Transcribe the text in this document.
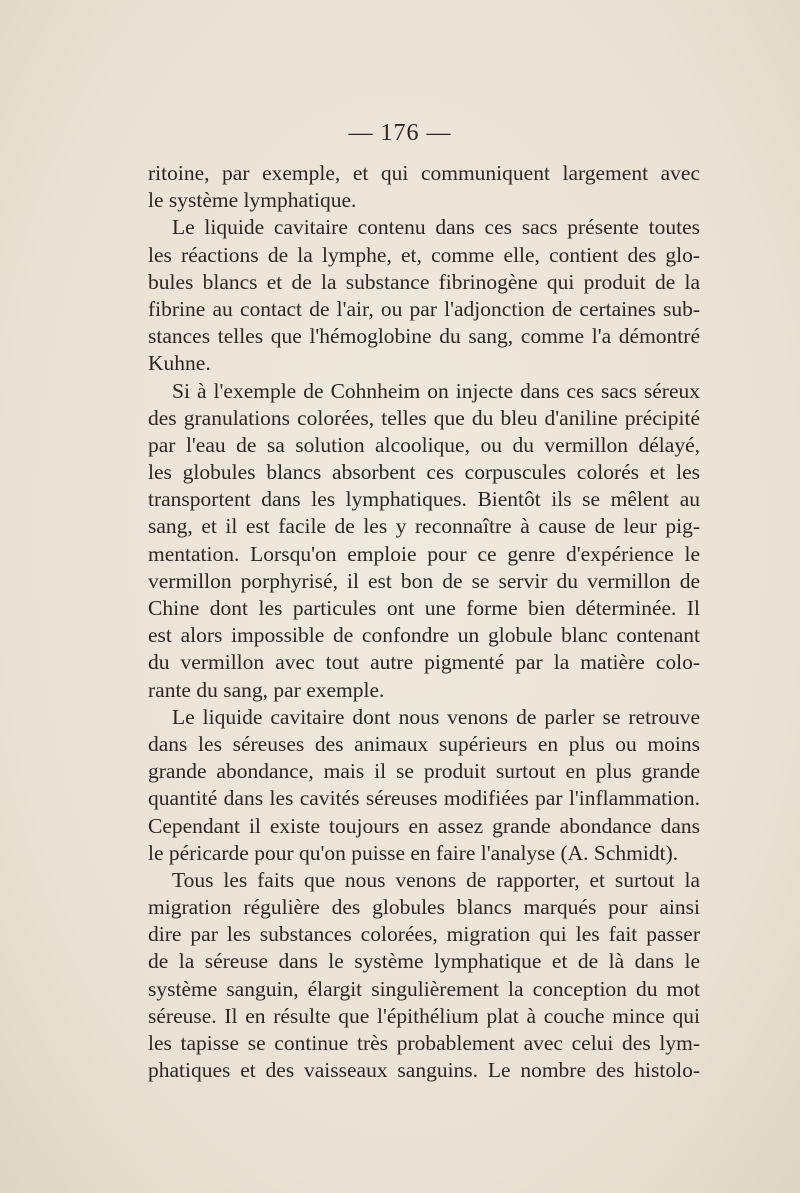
— 176 —
ritoine, par exemple, et qui communiquent largement avec
le système lymphatique.
Le liquide cavitaire contenu dans ces sacs présente toutes
les réactions de la lymphe, et, comme elle, contient des glo-
bules blancs et de la substance fibrinogène qui produit de la
fibrine au contact de l'air, ou par l'adjonction de certaines sub-
stances telles que l'hémoglobine du sang, comme l'a démontré
Kuhne.
Si à l'exemple de Cohnheim on injecte dans ces sacs séreux
des granulations colorées, telles que du bleu d'aniline précipité
par l'eau de sa solution alcoolique, ou du vermillon délayé,
les globules blancs absorbent ces corpuscules colorés et les
transportent dans les lymphatiques. Bientôt ils se mêlent au
sang, et il est facile de les y reconnaître à cause de leur pig-
mentation. Lorsqu'on emploie pour ce genre d'expérience le
vermillon porphyrisé, il est bon de se servir du vermillon de
Chine dont les particules ont une forme bien déterminée. Il
est alors impossible de confondre un globule blanc contenant
du vermillon avec tout autre pigmenté par la matière colo-
rante du sang, par exemple.
Le liquide cavitaire dont nous venons de parler se retrouve
dans les séreuses des animaux supérieurs en plus ou moins
grande abondance, mais il se produit surtout en plus grande
quantité dans les cavités séreuses modifiées par l'inflammation.
Cependant il existe toujours en assez grande abondance dans
le péricarde pour qu'on puisse en faire l'analyse (A. Schmidt).
Tous les faits que nous venons de rapporter, et surtout la
migration régulière des globules blancs marqués pour ainsi
dire par les substances colorées, migration qui les fait passer
de la séreuse dans le système lymphatique et de là dans le
système sanguin, élargit singulièrement la conception du mot
séreuse. Il en résulte que l'épithélium plat à couche mince qui
les tapisse se continue très probablement avec celui des lym-
phatiques et des vaisseaux sanguins. Le nombre des histolo-
